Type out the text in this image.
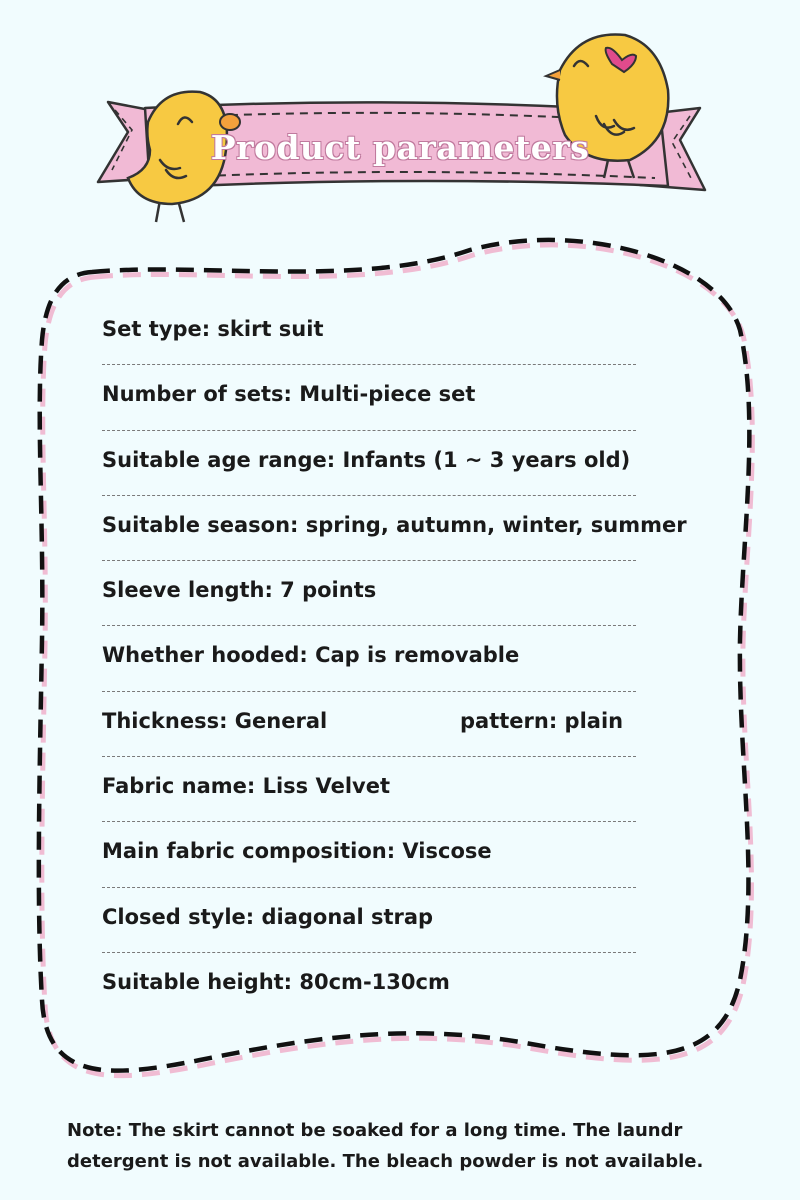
Product parameters
Set type: skirt suit
Number of sets: Multi-piece set
Suitable age range: Infants (1 ~ 3 years old)
Suitable season: spring, autumn, winter, summer
Sleeve length: 7 points
Whether hooded: Cap is removable
Thickness: General	pattern: plain
Fabric name: Liss Velvet
Main fabric composition: Viscose
Closed style: diagonal strap
Suitable height: 80cm-130cm
Note: The skirt cannot be soaked for a long time. The laundr
detergent is not available. The bleach powder is not available.
